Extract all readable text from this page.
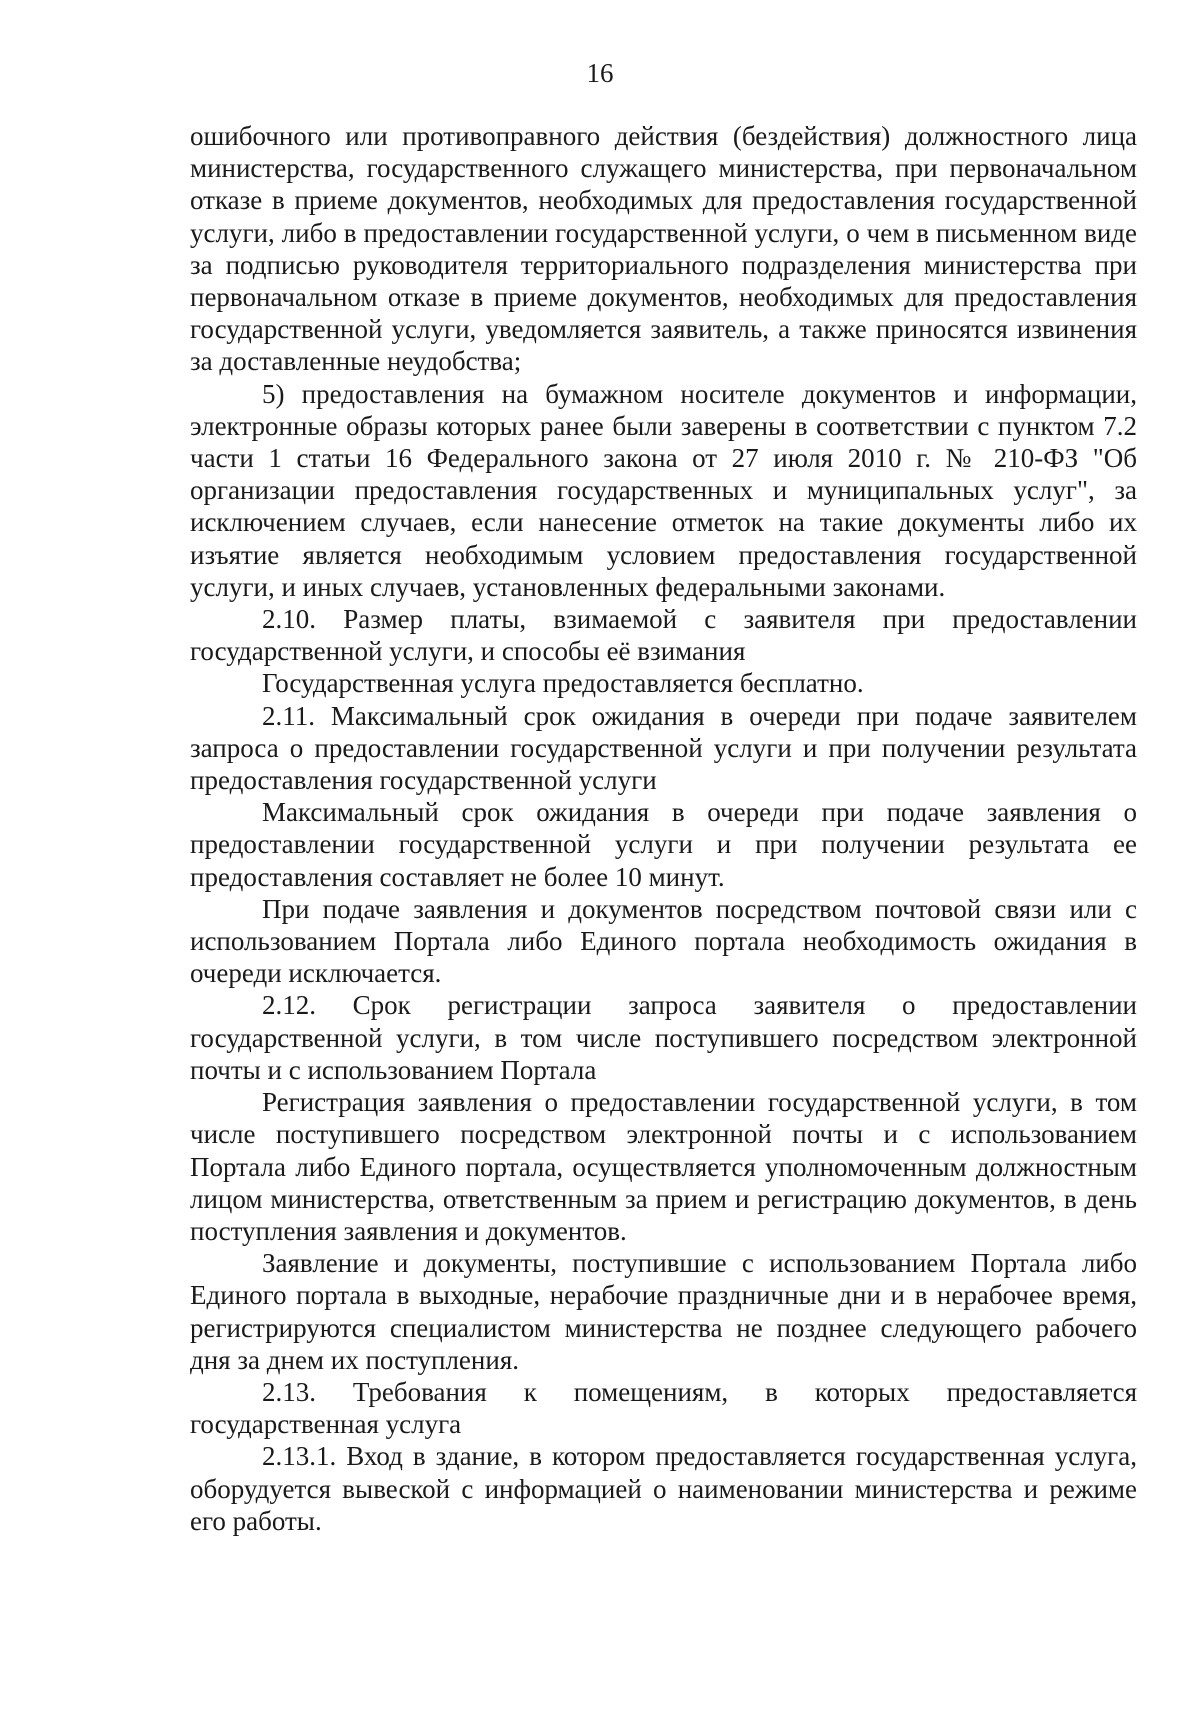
16

ошибочного или противоправного действия (бездействия) должностного лица министерства, государственного служащего министерства, при первоначальном отказе в приеме документов, необходимых для предоставления государственной услуги, либо в предоставлении государственной услуги, о чем в письменном виде за подписью руководителя территориального подразделения министерства при первоначальном отказе в приеме документов, необходимых для предоставления государственной услуги, уведомляется заявитель, а также приносятся извинения за доставленные неудобства;

5) предоставления на бумажном носителе документов и информации, электронные образы которых ранее были заверены в соответствии с пунктом 7.2 части 1 статьи 16 Федерального закона от 27 июля 2010 г. № 210-ФЗ "Об организации предоставления государственных и муниципальных услуг", за исключением случаев, если нанесение отметок на такие документы либо их изъятие является необходимым условием предоставления государственной услуги, и иных случаев, установленных федеральными законами.

2.10. Размер платы, взимаемой с заявителя при предоставлении государственной услуги, и способы её взимания

Государственная услуга предоставляется бесплатно.

2.11. Максимальный срок ожидания в очереди при подаче заявителем запроса о предоставлении государственной услуги и при получении результата предоставления государственной услуги

Максимальный срок ожидания в очереди при подаче заявления о предоставлении государственной услуги и при получении результата ее предоставления составляет не более 10 минут.

При подаче заявления и документов посредством почтовой связи или с использованием Портала либо Единого портала необходимость ожидания в очереди исключается.

2.12. Срок регистрации запроса заявителя о предоставлении государственной услуги, в том числе поступившего посредством электронной почты и с использованием Портала

Регистрация заявления о предоставлении государственной услуги, в том числе поступившего посредством электронной почты и с использованием Портала либо Единого портала, осуществляется уполномоченным должностным лицом министерства, ответственным за прием и регистрацию документов, в день поступления заявления и документов.

Заявление и документы, поступившие с использованием Портала либо Единого портала в выходные, нерабочие праздничные дни и в нерабочее время, регистрируются специалистом министерства не позднее следующего рабочего дня за днем их поступления.

2.13. Требования к помещениям, в которых предоставляется государственная услуга

2.13.1. Вход в здание, в котором предоставляется государственная услуга, оборудуется вывеской с информацией о наименовании министерства и режиме его работы.
